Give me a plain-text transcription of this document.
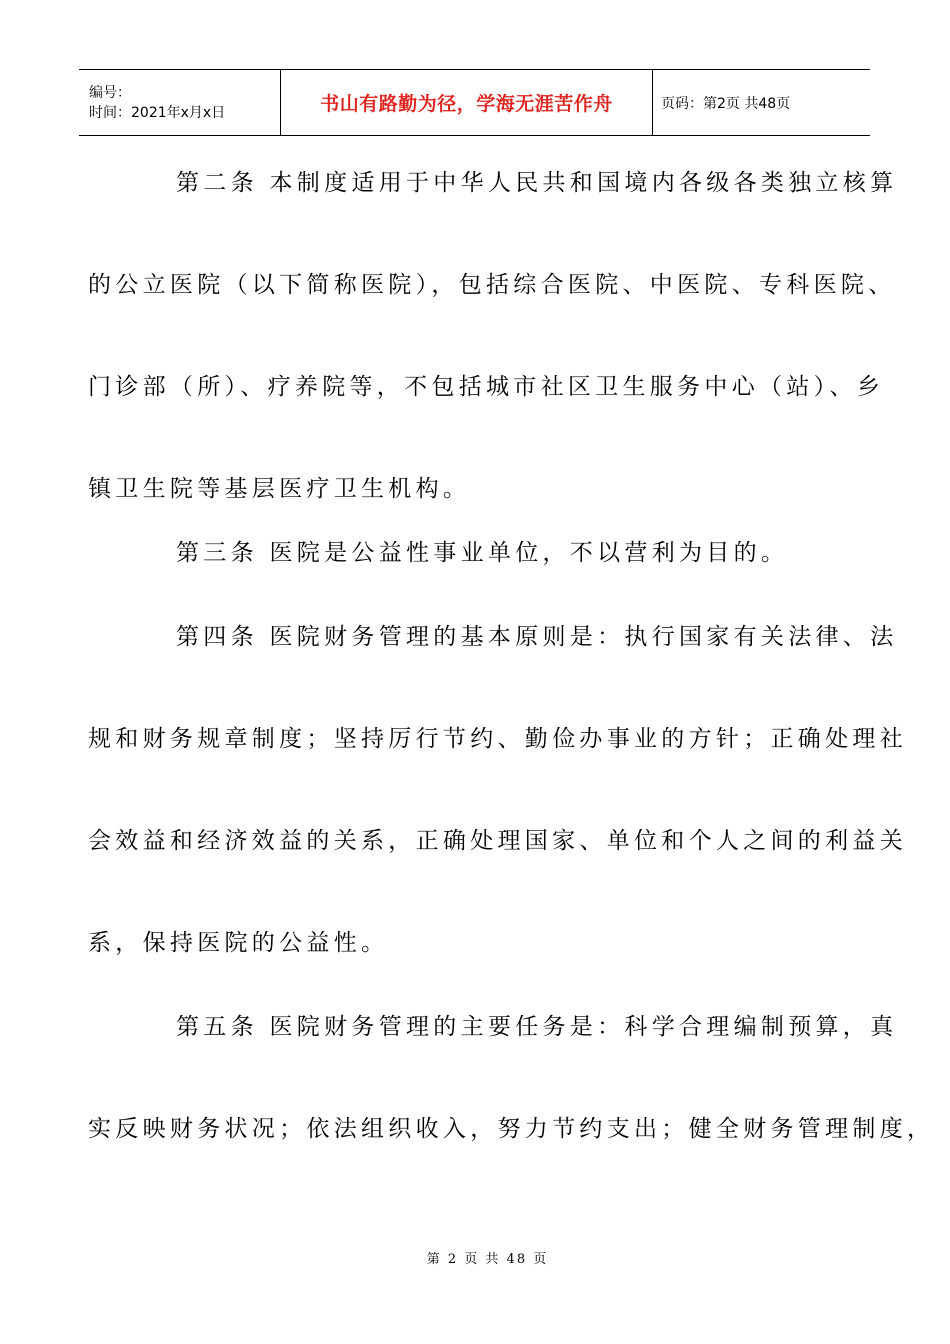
编号：
时间：2021年x月x日	书山有路勤为径，学海无涯苦作舟	页码：第2页 共48页

第二条 本制度适用于中华人民共和国境内各级各类独立核算

的公立医院（以下简称医院），包括综合医院、中医院、专科医院、

门诊部（所）、疗养院等，不包括城市社区卫生服务中心（站）、乡

镇卫生院等基层医疗卫生机构。

第三条 医院是公益性事业单位，不以营利为目的。

第四条 医院财务管理的基本原则是：执行国家有关法律、法

规和财务规章制度；坚持厉行节约、勤俭办事业的方针；正确处理社

会效益和经济效益的关系，正确处理国家、单位和个人之间的利益关

系，保持医院的公益性。

第五条 医院财务管理的主要任务是：科学合理编制预算，真

实反映财务状况；依法组织收入，努力节约支出；健全财务管理制度，

第 2 页 共 48 页
